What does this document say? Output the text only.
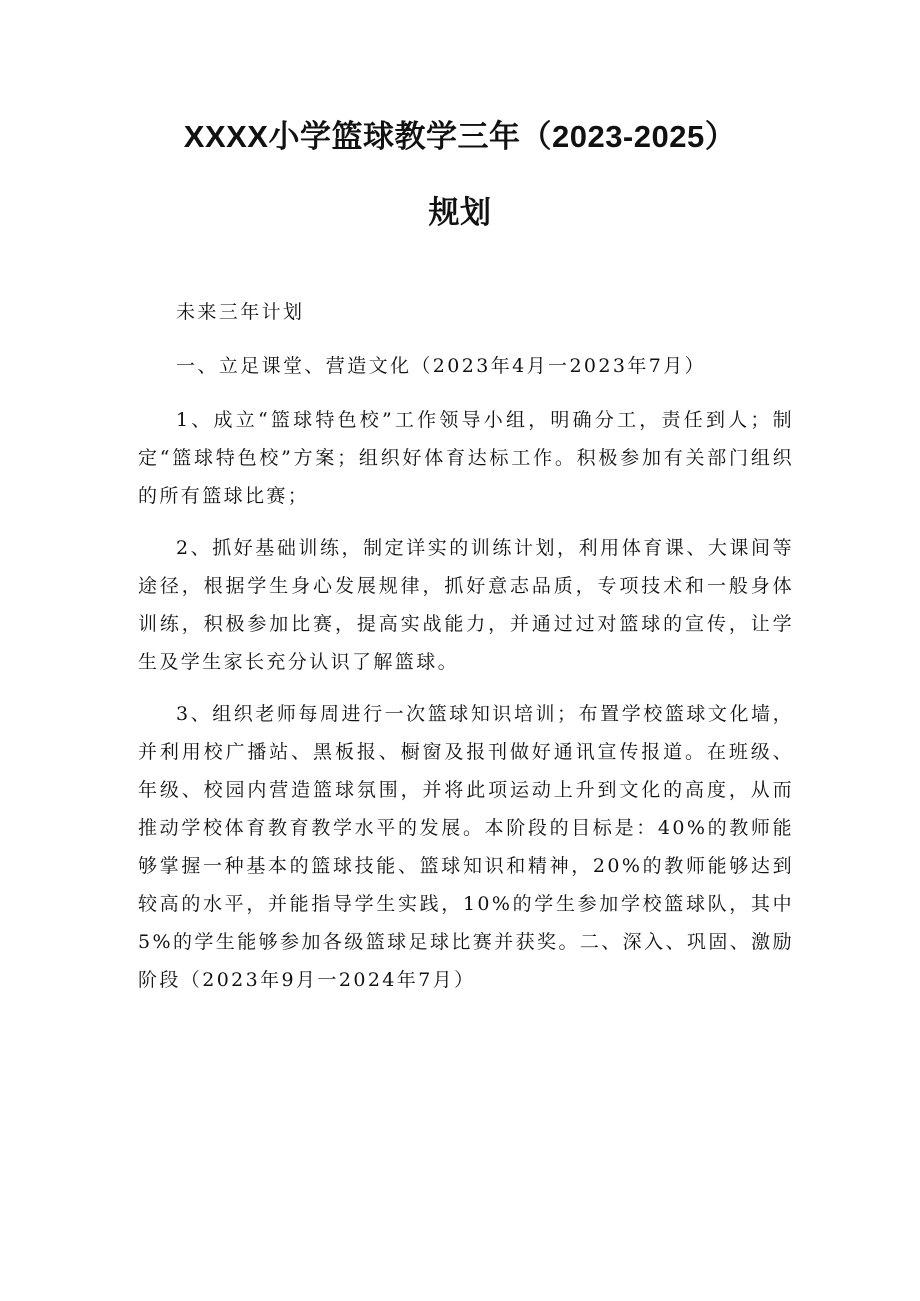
XXXX小学篮球教学三年（2023-2025）
规划

未来三年计划

一、立足课堂、营造文化（2023年4月一2023年7月）

1、成立“篮球特色校”工作领导小组，明确分工，责任到人；制定“篮球特色校”方案；组织好体育达标工作。积极参加有关部门组织的所有篮球比赛；

2、抓好基础训练，制定详实的训练计划，利用体育课、大课间等途径，根据学生身心发展规律，抓好意志品质，专项技术和一般身体训练，积极参加比赛，提高实战能力，并通过过对篮球的宣传，让学生及学生家长充分认识了解篮球。

3、组织老师每周进行一次篮球知识培训；布置学校篮球文化墙，并利用校广播站、黑板报、橱窗及报刊做好通讯宣传报道。在班级、年级、校园内营造篮球氛围，并将此项运动上升到文化的高度，从而推动学校体育教育教学水平的发展。本阶段的目标是：40%的教师能够掌握一种基本的篮球技能、篮球知识和精神，20%的教师能够达到较高的水平，并能指导学生实践，10%的学生参加学校篮球队，其中5%的学生能够参加各级篮球足球比赛并获奖。二、深入、巩固、激励阶段（2023年9月一2024年7月）
